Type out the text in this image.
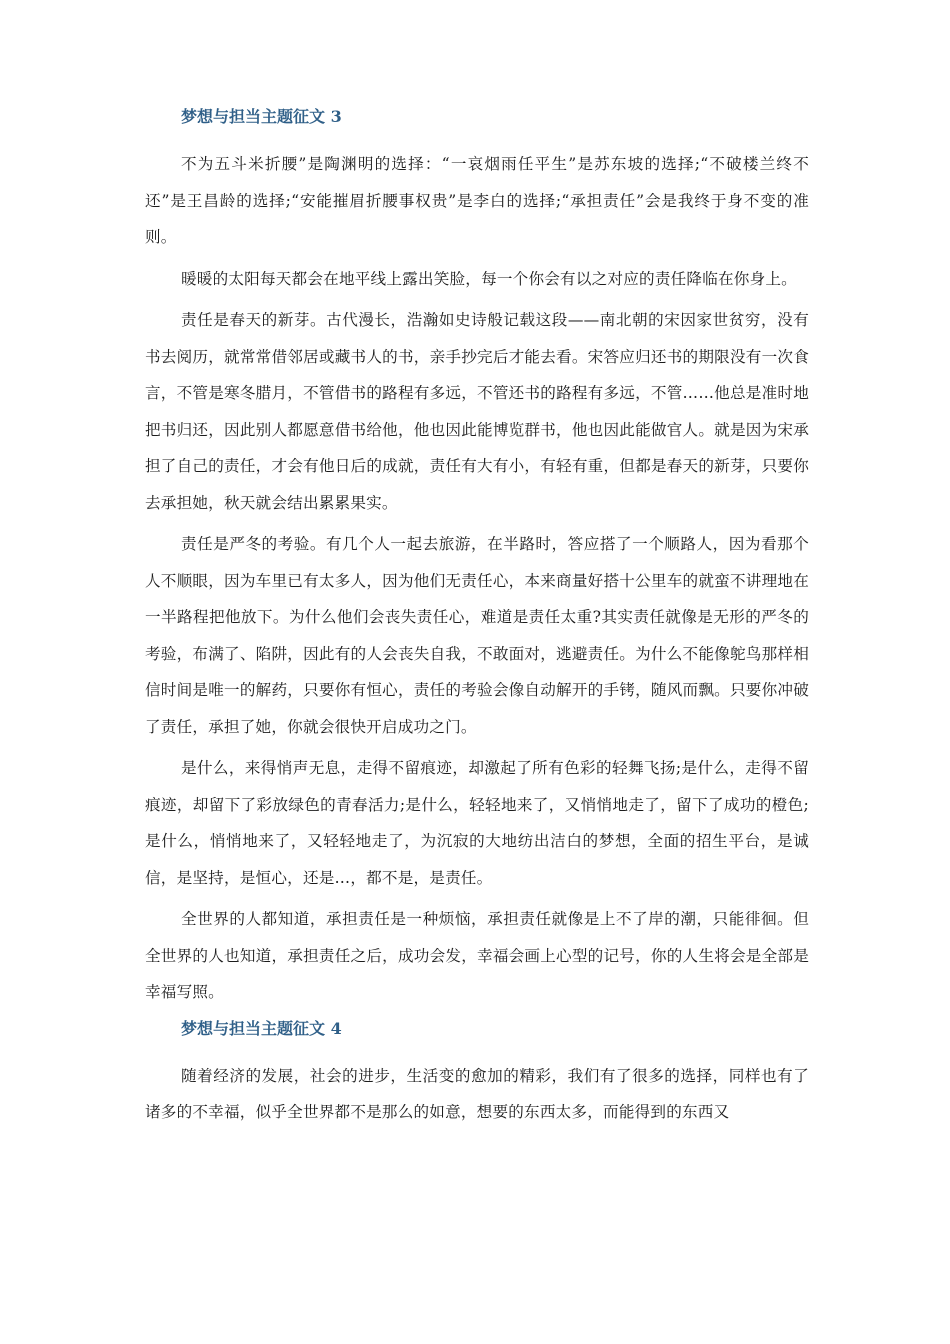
梦想与担当主题征文 3

不为五斗米折腰”是陶渊明的选择：“一哀烟雨任平生”是苏东坡的选择;“不破楼兰终不还”是王昌龄的选择;“安能摧眉折腰事权贵”是李白的选择;“承担责任”会是我终于身不变的准则。

暖暖的太阳每天都会在地平线上露出笑脸，每一个你会有以之对应的责任降临在你身上。

责任是春天的新芽。古代漫长，浩瀚如史诗般记载这段——南北朝的宋因家世贫穷，没有书去阅历，就常常借邻居或藏书人的书，亲手抄完后才能去看。宋答应归还书的期限没有一次食言，不管是寒冬腊月，不管借书的路程有多远，不管还书的路程有多远，不管……他总是准时地把书归还，因此别人都愿意借书给他，他也因此能博览群书，他也因此能做官人。就是因为宋承担了自己的责任，才会有他日后的成就，责任有大有小，有轻有重，但都是春天的新芽，只要你去承担她，秋天就会结出累累果实。

责任是严冬的考验。有几个人一起去旅游，在半路时，答应搭了一个顺路人，因为看那个人不顺眼，因为车里已有太多人，因为他们无责任心，本来商量好搭十公里车的就蛮不讲理地在一半路程把他放下。为什么他们会丧失责任心，难道是责任太重?其实责任就像是无形的严冬的考验，布满了、陷阱，因此有的人会丧失自我，不敢面对，逃避责任。为什么不能像鸵鸟那样相信时间是唯一的解药，只要你有恒心，责任的考验会像自动解开的手铐，随风而飘。只要你冲破了责任，承担了她，你就会很快开启成功之门。

是什么，来得悄声无息，走得不留痕迹，却激起了所有色彩的轻舞飞扬;是什么，走得不留痕迹，却留下了彩放绿色的青春活力;是什么，轻轻地来了，又悄悄地走了，留下了成功的橙色;是什么，悄悄地来了，又轻轻地走了，为沉寂的大地纺出洁白的梦想，全面的招生平台，是诚信，是坚持，是恒心，还是…，都不是，是责任。

全世界的人都知道，承担责任是一种烦恼，承担责任就像是上不了岸的潮，只能徘徊。但全世界的人也知道，承担责任之后，成功会发，幸福会画上心型的记号，你的人生将会是全部是幸福写照。

梦想与担当主题征文 4

随着经济的发展，社会的进步，生活变的愈加的精彩，我们有了很多的选择，同样也有了诸多的不幸福，似乎全世界都不是那么的如意，想要的东西太多，而能得到的东西又
